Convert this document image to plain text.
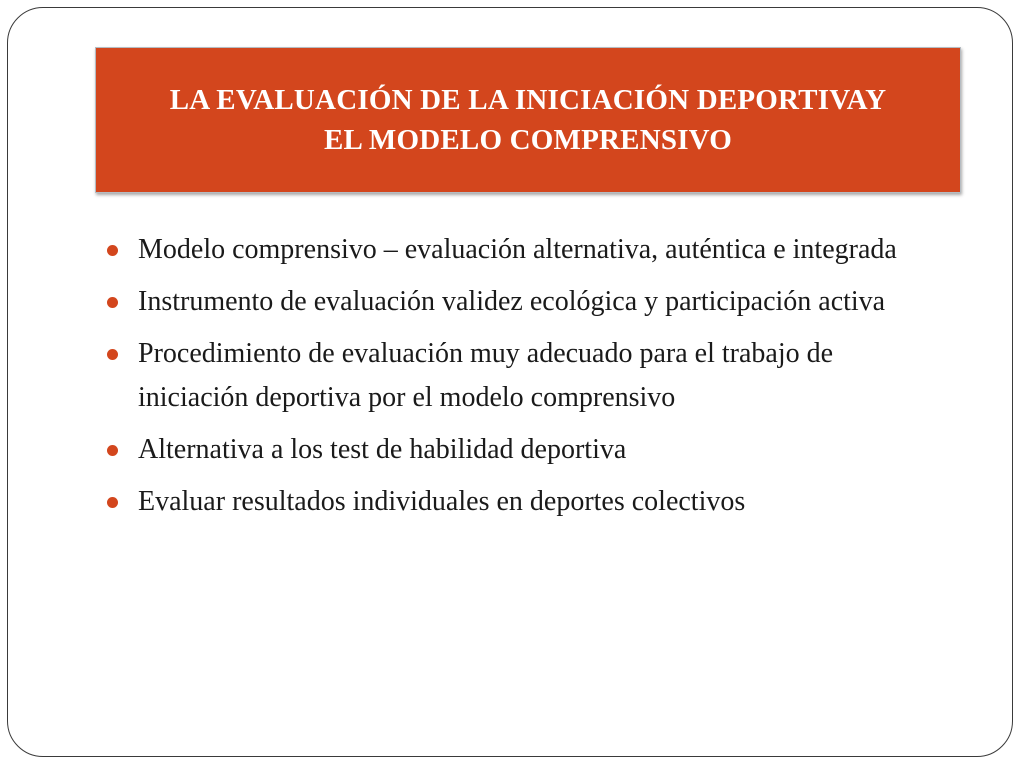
LA EVALUACIÓN DE LA INICIACIÓN DEPORTIVAY
EL MODELO COMPRENSIVO
Modelo comprensivo – evaluación alternativa, auténtica e integrada
Instrumento de evaluación validez ecológica y participación activa
Procedimiento de evaluación muy adecuado para el trabajo de iniciación deportiva por el modelo comprensivo
Alternativa a los test de habilidad deportiva
Evaluar resultados individuales en deportes colectivos
